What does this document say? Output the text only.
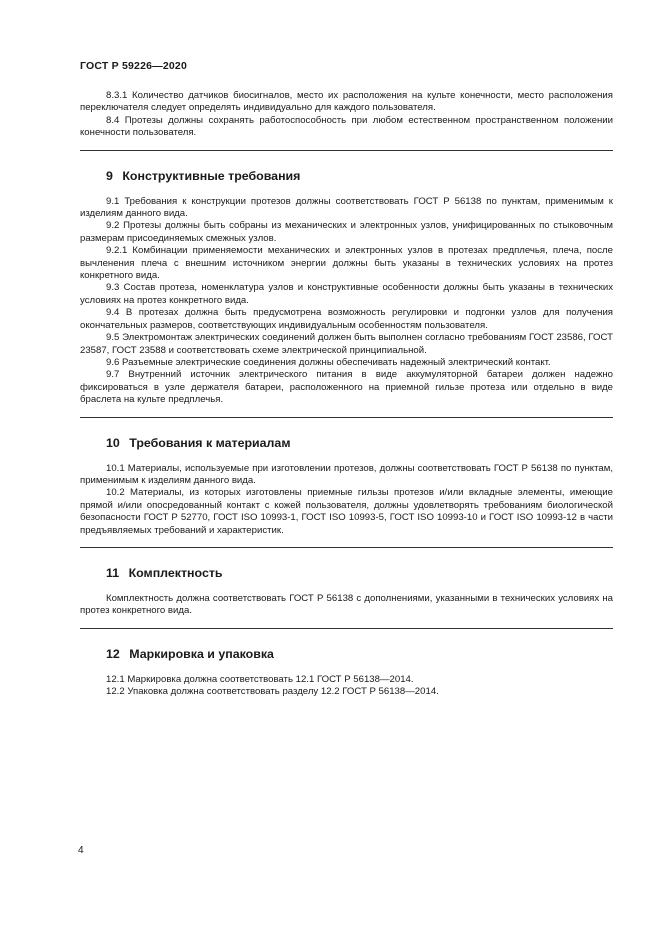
ГОСТ Р 59226—2020

8.3.1 Количество датчиков биосигналов, место их расположения на культе конечности, место расположения переключателя следует определять индивидуально для каждого пользователя.

8.4 Протезы должны сохранять работоспособность при любом естественном пространственном положении конечности пользователя.

9 Конструктивные требования

9.1 Требования к конструкции протезов должны соответствовать ГОСТ Р 56138 по пунктам, применимым к изделиям данного вида.

9.2 Протезы должны быть собраны из механических и электронных узлов, унифицированных по стыковочным размерам присоединяемых смежных узлов.

9.2.1 Комбинации применяемости механических и электронных узлов в протезах предплечья, плеча, после вычленения плеча с внешним источником энергии должны быть указаны в технических условиях на протез конкретного вида.

9.3 Состав протеза, номенклатура узлов и конструктивные особенности должны быть указаны в технических условиях на протез конкретного вида.

9.4 В протезах должна быть предусмотрена возможность регулировки и подгонки узлов для получения окончательных размеров, соответствующих индивидуальным особенностям пользователя.

9.5 Электромонтаж электрических соединений должен быть выполнен согласно требованиям ГОСТ 23586, ГОСТ 23587, ГОСТ 23588 и соответствовать схеме электрической принципиальной.

9.6 Разъемные электрические соединения должны обеспечивать надежный электрический контакт.

9.7 Внутренний источник электрического питания в виде аккумуляторной батареи должен надежно фиксироваться в узле держателя батареи, расположенного на приемной гильзе протеза или отдельно в виде браслета на культе предплечья.

10 Требования к материалам

10.1 Материалы, используемые при изготовлении протезов, должны соответствовать ГОСТ Р 56138 по пунктам, применимым к изделиям данного вида.

10.2 Материалы, из которых изготовлены приемные гильзы протезов и/или вкладные элементы, имеющие прямой и/или опосредованный контакт с кожей пользователя, должны удовлетворять требованиям биологической безопасности ГОСТ Р 52770, ГОСТ ISO 10993-1, ГОСТ ISO 10993-5, ГОСТ ISO 10993-10 и ГОСТ ISO 10993-12 в части предъявляемых требований и характеристик.

11 Комплектность

Комплектность должна соответствовать ГОСТ Р 56138 с дополнениями, указанными в технических условиях на протез конкретного вида.

12 Маркировка и упаковка

12.1 Маркировка должна соответствовать 12.1 ГОСТ Р 56138—2014.

12.2 Упаковка должна соответствовать разделу 12.2 ГОСТ Р 56138—2014.

4
